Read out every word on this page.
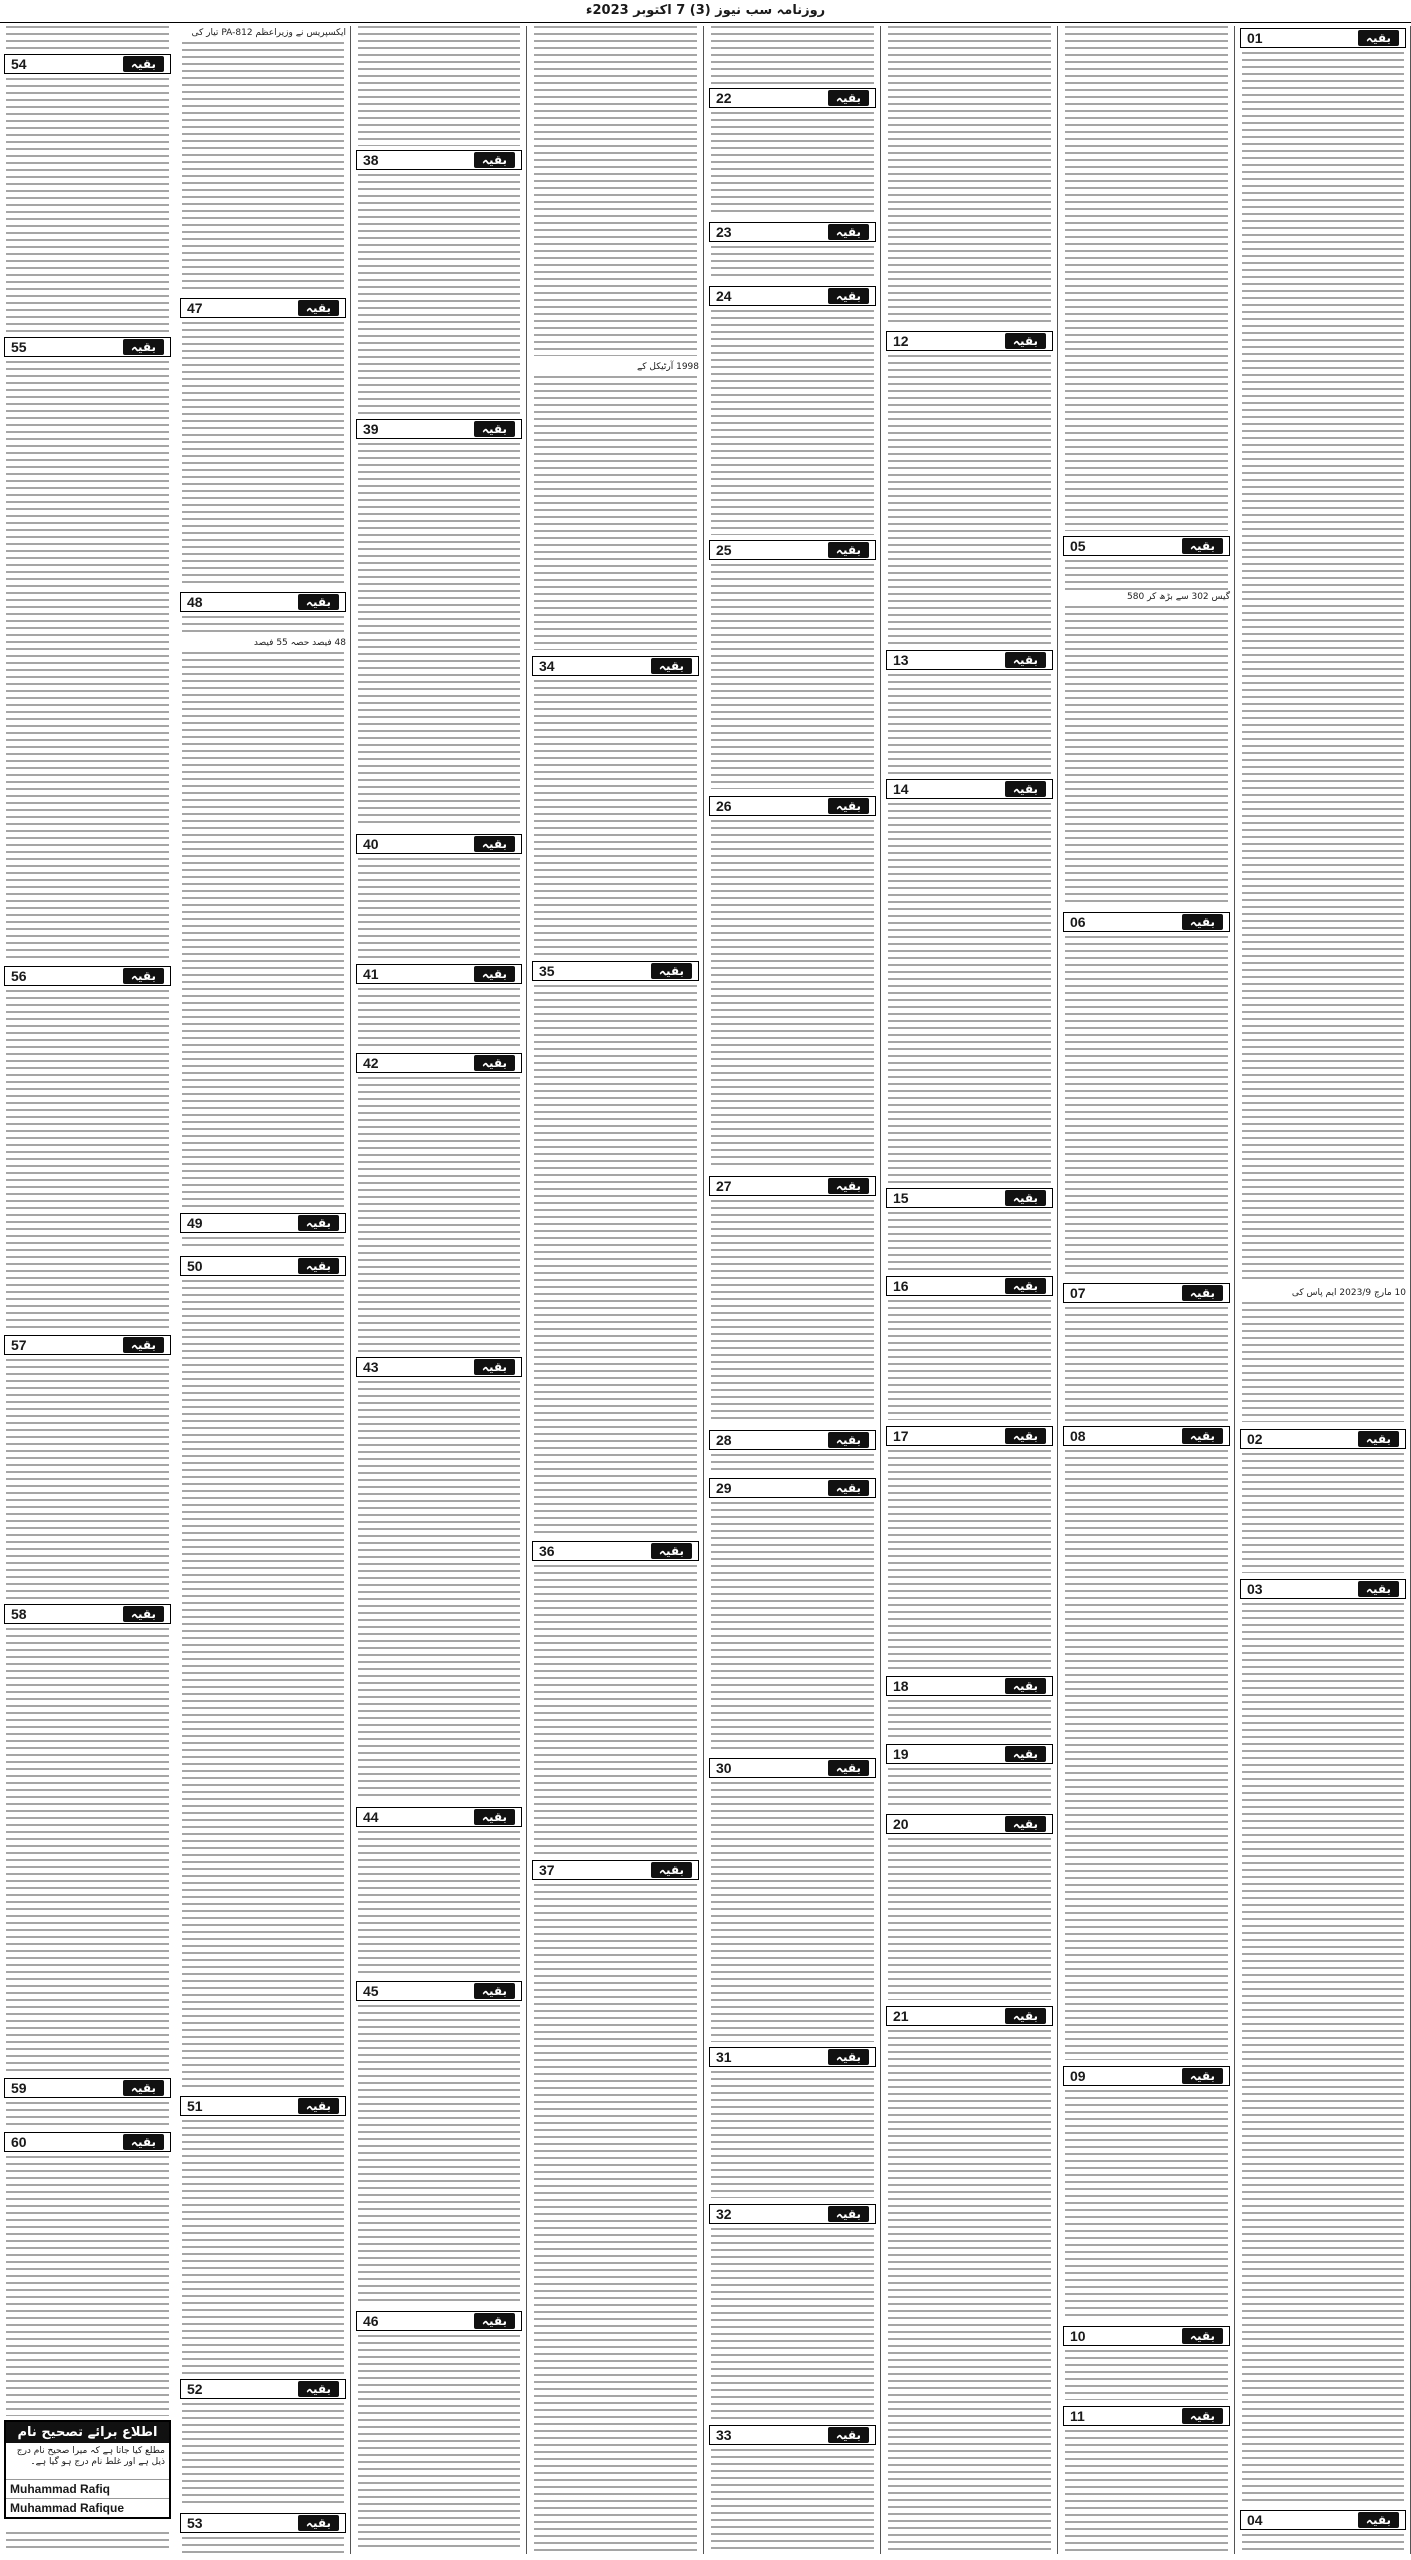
روزنامہ سب نیوز (3) 7 اکتوبر 2023ء
54	بقیہ
55	بقیہ
56	بقیہ
57	بقیہ
58	بقیہ
59	بقیہ
60	بقیہ
اطلاع برائے تصحیح نام
مطلع کیا جاتا ہے کہ میرا صحیح نام درج ذیل ہے اور غلط نام درج ہو گیا ہے۔
Muhammad Rafiq
Muhammad Rafique
ایکسپریس نے وزیراعظم PA-812 تیار کی
47	بقیہ
48	بقیہ
48 فیصد حصہ 55 فیصد
49	بقیہ
50	بقیہ
51	بقیہ
52	بقیہ
53	بقیہ
38	بقیہ
39	بقیہ
40	بقیہ
41	بقیہ
42	بقیہ
43	بقیہ
44	بقیہ
45	بقیہ
46	بقیہ
1998 آرٹیکل کے
34	بقیہ
35	بقیہ
36	بقیہ
37	بقیہ
22	بقیہ
23	بقیہ
24	بقیہ
25	بقیہ
26	بقیہ
27	بقیہ
28	بقیہ
29	بقیہ
30	بقیہ
31	بقیہ
32	بقیہ
33	بقیہ
12	بقیہ
13	بقیہ
14	بقیہ
15	بقیہ
16	بقیہ
17	بقیہ
18	بقیہ
19	بقیہ
20	بقیہ
21	بقیہ
05	بقیہ
گیس 302 سے بڑھ کر 580
06	بقیہ
07	بقیہ
08	بقیہ
09	بقیہ
10	بقیہ
11	بقیہ
01	بقیہ
10 مارچ 2023/9 ایم پاس کی
02	بقیہ
03	بقیہ
04	بقیہ
